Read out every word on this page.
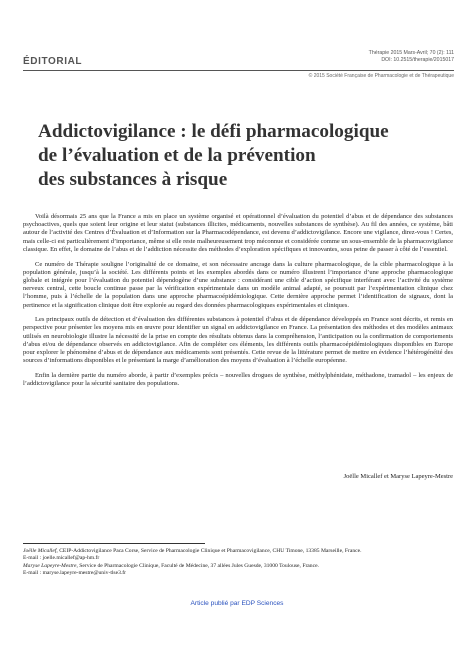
ÉDITORIAL
Thérapie 2015 Mars-Avril; 70 (2): 111
DOI: 10.2515/therapie/2015017
© 2015 Société Française de Pharmacologie et de Thérapeutique
Addictovigilance : le défi pharmacologique
de l’évaluation et de la prévention
des substances à risque

Voilà désormais 25 ans que la France a mis en place un système organisé et opérationnel d’évaluation du potentiel d’abus et de dépendance des substances psychoactives, quels que soient leur origine et leur statut (substances illicites, médicaments, nouvelles substances de synthèse). Au fil des années, ce système, bâti autour de l’activité des Centres d’Évaluation et d’Information sur la Pharmacodépendance, est devenu d’addictovigilance. Encore une vigilance, direz-vous ! Certes, mais celle-ci est particulièrement d’importance, même si elle reste malheureusement trop méconnue et considérée comme un sous-ensemble de la pharmacovigilance classique. En effet, le domaine de l’abus et de l’addiction nécessite des méthodes d’exploration spécifiques et innovantes, sous peine de passer à côté de l’essentiel.

Ce numéro de Thérapie souligne l’originalité de ce domaine, et son nécessaire ancrage dans la culture pharmacologique, de la cible pharmacologique à la population générale, jusqu’à la société. Les différents points et les exemples abordés dans ce numéro illustrent l’importance d’une approche pharmacologique globale et intégrée pour l’évaluation du potentiel dépendogène d’une substance : considérant une cible d’action spécifique interférant avec l’activité du système nerveux central, cette boucle continue passe par la vérification expérimentale dans un modèle animal adapté, se poursuit par l’expérimentation clinique chez l’homme, puis à l’échelle de la population dans une approche pharmacoépidémiologique. Cette dernière approche permet l’identification de signaux, dont la pertinence et la signification clinique doit être explorée au regard des données pharmacologiques expérimentales et cliniques.

Les principaux outils de détection et d’évaluation des différentes substances à potentiel d’abus et de dépendance développés en France sont décrits, et remis en perspective pour présenter les moyens mis en œuvre pour identifier un signal en addictovigilance en France. La présentation des méthodes et des modèles animaux utilisés en neurobiologie illustre la nécessité de la prise en compte des résultats obtenus dans la compréhension, l’anticipation ou la confirmation de comportements d’abus et/ou de dépendance observés en addictovigilance. Afin de compléter ces éléments, les différents outils pharmacoépidémiologiques disponibles en Europe pour explorer le phénomène d’abus et de dépendance aux médicaments sont présentés. Cette revue de la littérature permet de mettre en évidence l’hétérogénéité des sources d’informations disponibles et le présentant la marge d’amélioration des moyens d’évaluation à l’échelle européenne.

Enfin la dernière partie du numéro aborde, à partir d’exemples précis – nouvelles drogues de synthèse, méthylphénidate, méthadone, tramadol – les enjeux de l’addictovigilance pour la sécurité sanitaire des populations.

Joëlle Micallef et Maryse Lapeyre-Mestre
Joëlle Micallef, CEIP-Addictovigilance Paca Corse, Service de Pharmacologie Clinique et Pharmacovigilance, CHU Timone, 13385 Marseille, France.
E-mail : joelle.micallef@ap-hm.fr
Maryse Lapeyre-Mestre, Service de Pharmacologie Clinique, Faculté de Médecine, 37 allées Jules Guesde, 31000 Toulouse, France.
E-mail : maryse.lapeyre-mestre@univ-tlse3.fr
Article publié par EDP Sciences
